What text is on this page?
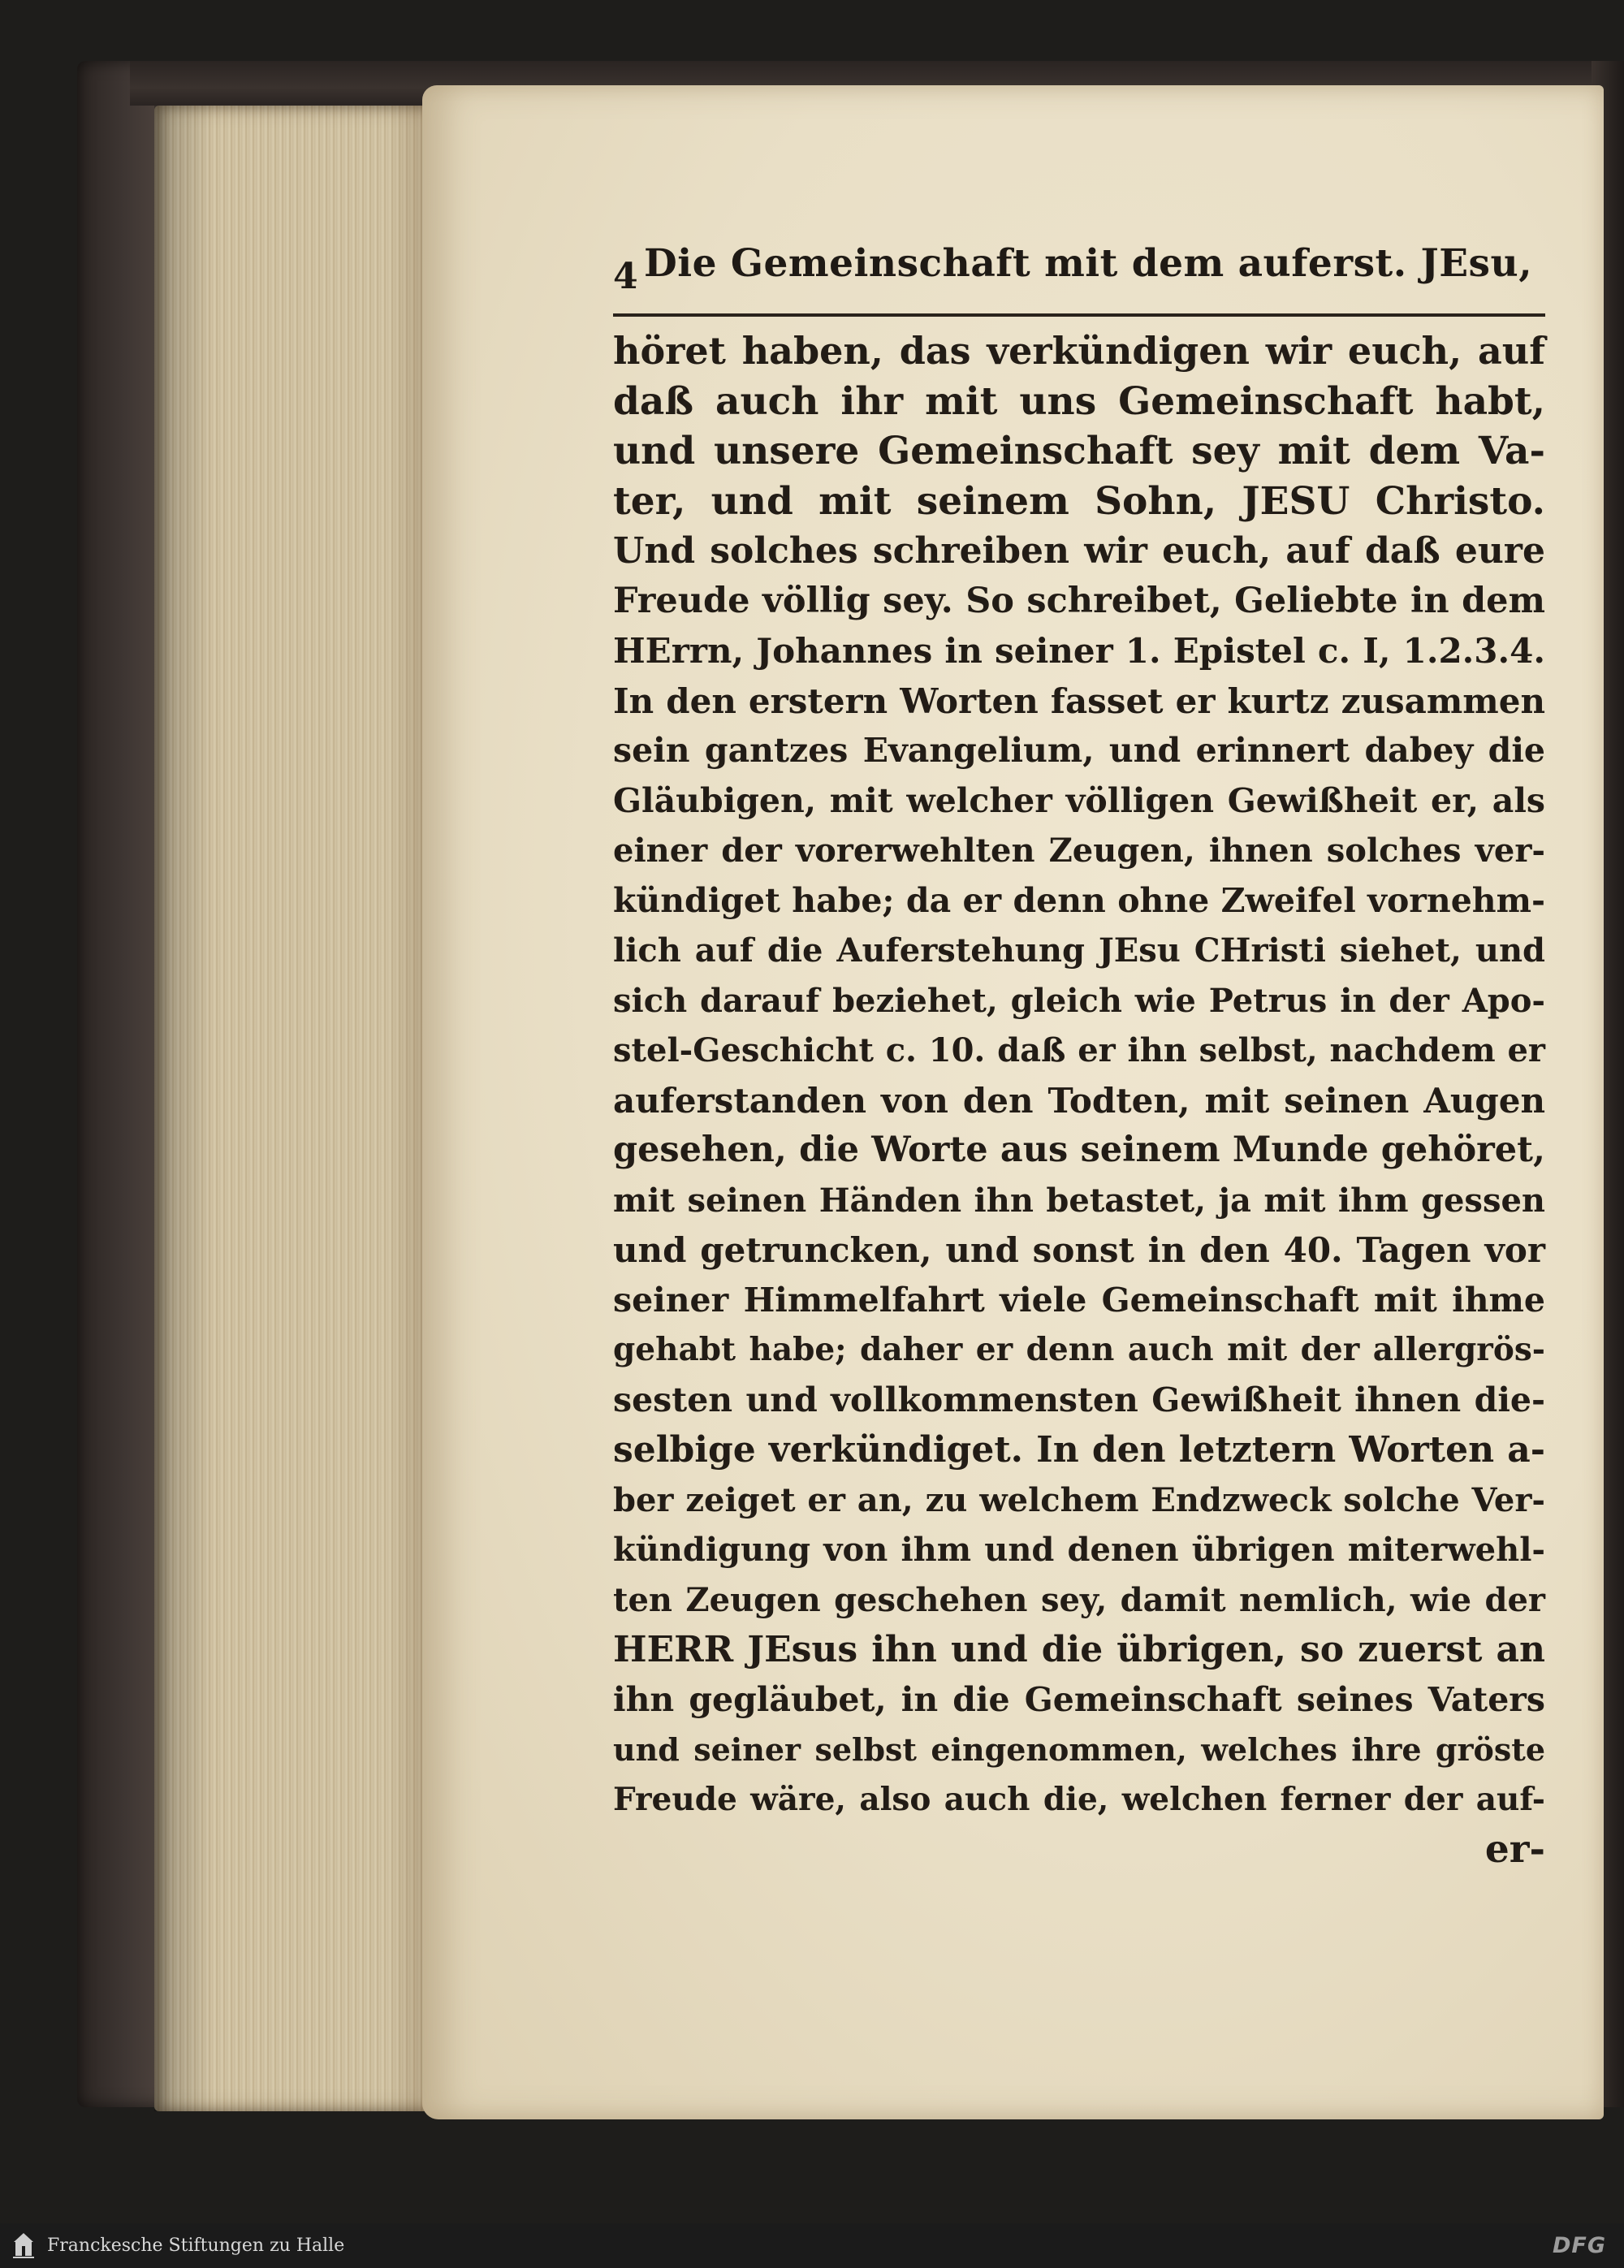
4 Die Gemeinschaft mit dem auferst. JEsu,
höret haben, das verkündigen wir euch, auf
daß auch ihr mit uns Gemeinschaft habt,
und unsere Gemeinschaft sey mit dem Va-
ter, und mit seinem Sohn, JESU Christo.
Und solches schreiben wir euch, auf daß eure
Freude völlig sey. So schreibet, Geliebte in dem
HErrn, Johannes in seiner 1. Epistel c. I, 1.2.3.4.
In den erstern Worten fasset er kurtz zusammen
sein gantzes Evangelium, und erinnert dabey die
Gläubigen, mit welcher völligen Gewißheit er, als
einer der vorerwehlten Zeugen, ihnen solches ver-
kündiget habe; da er denn ohne Zweifel vornehm-
lich auf die Auferstehung JEsu CHristi siehet, und
sich darauf beziehet, gleich wie Petrus in der Apo-
stel-Geschicht c. 10. daß er ihn selbst, nachdem er
auferstanden von den Todten, mit seinen Augen
gesehen, die Worte aus seinem Munde gehöret,
mit seinen Händen ihn betastet, ja mit ihm gessen
und getruncken, und sonst in den 40. Tagen vor
seiner Himmelfahrt viele Gemeinschaft mit ihme
gehabt habe; daher er denn auch mit der allergrös-
sesten und vollkommensten Gewißheit ihnen die-
selbige verkündiget. In den letztern Worten a-
ber zeiget er an, zu welchem Endzweck solche Ver-
kündigung von ihm und denen übrigen miterwehl-
ten Zeugen geschehen sey, damit nemlich, wie der
HERR JEsus ihn und die übrigen, so zuerst an
ihn gegläubet, in die Gemeinschaft seines Vaters
und seiner selbst eingenommen, welches ihre gröste
Freude wäre, also auch die, welchen ferner der auf-
er-
Franckesche Stiftungen zu Halle	DFG
